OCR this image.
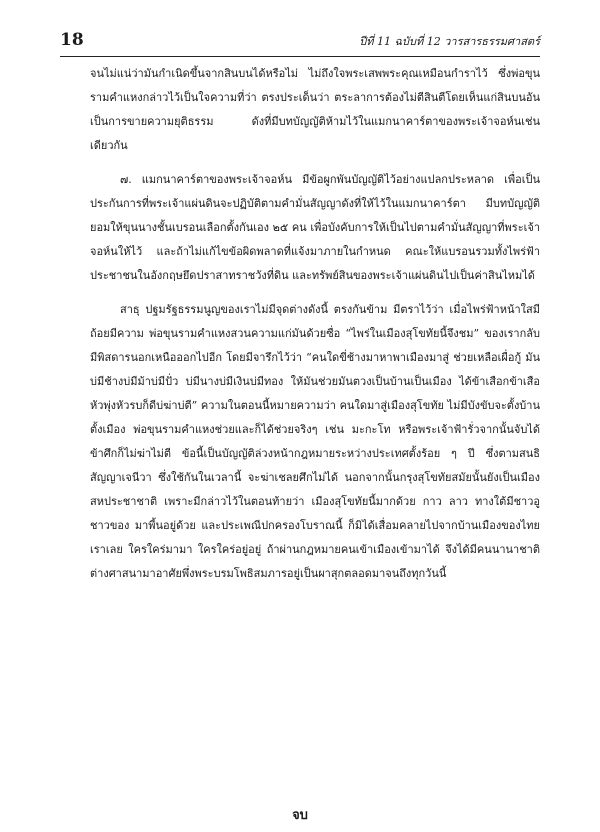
18	ปีที่ 11 ฉบับที่ 12 วารสารธรรมศาสตร์

จนไม่แน่ว่ามันกำเนิดขึ้นจากสินบนได้หรือไม่ ไม่ถึงใจพระเสพพระคุณเหมือนกำราไว้ ซึ่งพ่อขุนรามคำแหงกล่าวไว้เป็นใจความที่ว่า ตรงประเด็นว่า ตระลาการต้องไม่ตีสินตีโดยเห็นแก่สินบนอันเป็นการขายความยุติธรรม ดังที่มีบทบัญญัติห้ามไว้ในแมกนาคาร์ตาของพระเจ้าจอห์นเช่นเดียวกัน

๗. แมกนาคาร์ตาของพระเจ้าจอห์น มีข้อผูกพันบัญญัติไว้อย่างแปลกประหลาด เพื่อเป็นประกันการที่พระเจ้าแผ่นดินจะปฏิบัติตามคำมั่นสัญญาดังที่ให้ไว้ในแมกนาคาร์ตา มีบทบัญญัติยอมให้ขุนนางชั้นเบรอนเลือกตั้งกันเอง ๒๕ คน เพื่อบังคับการให้เป็นไปตามคำมั่นสัญญาที่พระเจ้าจอห์นให้ไว้ และถ้าไม่แก้ไขข้อผิดพลาดที่แจ้งมาภายในกำหนด คณะให้แบรอนรวมทั้งไพร่ฟ้าประชาชนในอังกฤษยึดปราสาทราชวังที่ดิน และทรัพย์สินของพระเจ้าแผ่นดินไปเป็นค่าสินไหมได้

สาธุ ปฐมรัฐธรรมนูญของเราไม่มีจุดต่างดังนี้ ตรงกันข้าม มีตราไว้ว่า เมื่อไพร่ฟ้าหน้าใสมีถ้อยมีความ พ่อขุนรามคำแหงสวนความแก่มันด้วยซื่อ “ไพร่ในเมืองสุโขทัยนี้จึงชม” ของเรากลับมีพิสดารนอกเหนือออกไปอีก โดยมีจารึกไว้ว่า “คนใดขี่ช้างมาหาพาเมืองมาสู่ ช่วยเหลือเผื่อกู้ มันบ่มีช้างบ่มีม้าบ่มีปั่ว บ่มีนางบ่มีเงินบ่มีทอง ให้มันช่วยมันตวงเป็นบ้านเป็นเมือง ได้ข้าเสือกข้าเสือหัวพุ่งหัวรบก็ดีบ่ฆ่าบ่ตี” ความในตอนนี้หมายความว่า คนใดมาสู่เมืองสุโขทัย ไม่มีบังขับจะตั้งบ้านตั้งเมือง พ่อขุนรามคำแหงช่วยและก็ได้ช่วยจริงๆ เช่น มะกะโท หรือพระเจ้าฟ้ารั่วจากนั้นจับได้ข้าศึกก็ไม่ฆ่าไม่ตี ข้อนี้เป็นบัญญัติล่วงหน้ากฎหมายระหว่างประเทศตั้งร้อย ๆ ปี ซึ่งตามสนธิสัญญาเจนีวา ซึ่งใช้กันในเวลานี้ จะฆ่าเชลยศึกไม่ได้ นอกจากนั้นกรุงสุโขทัยสมัยนั้นยังเป็นเมืองสหประชาชาติ เพราะมีกล่าวไว้ในตอนท้ายว่า เมืองสุโขทัยนี้มากด้วย กาว ลาว ทางใต้มีชาวอู ชาวของ มาพี้นอยู่ด้วย และประเพณีปกครองโบราณนี้ ก็มิได้เสื่อมคลายไปจากบ้านเมืองของไทยเราเลย ใครใคร่มามา ใครใคร่อยู่อยู่ ถ้าผ่านกฎหมายคนเข้าเมืองเข้ามาได้ จึงได้มีคนนานาชาติต่างศาสนามาอาศัยพึ่งพระบรมโพธิสมภารอยู่เป็นผาสุกตลอดมาจนถึงทุกวันนี้

จบ
